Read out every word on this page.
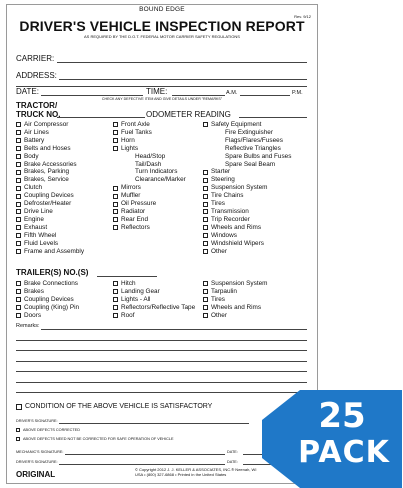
BOUND EDGE
Rev. 9/12
DRIVER'S VEHICLE INSPECTION REPORT
AS REQUIRED BY THE D.O.T. FEDERAL MOTOR CARRIER SAFETY REGULATIONS
CARRIER:
ADDRESS:
DATE:	TIME:	A.M.	P.M.
CHECK ANY DEFECTIVE ITEM AND GIVE DETAILS UNDER "REMARKS"
TRACTOR/
TRUCK NO.	ODOMETER READING
Air Compressor
Air Lines
Battery
Belts and Hoses
Body
Brake Accessories
Brakes, Parking
Brakes, Service
Clutch
Coupling Devices
Defroster/Heater
Drive Line
Engine
Exhaust
Fifth Wheel
Fluid Levels
Frame and Assembly
Front Axle
Fuel Tanks
Horn
Lights
Head/Stop
Tail/Dash
Turn Indicators
Clearance/Marker
Mirrors
Muffler
Oil Pressure
Radiator
Rear End
Reflectors
Safety Equipment
Fire Extinguisher
Flags/Flares/Fusees
Reflective Triangles
Spare Bulbs and Fuses
Spare Seal Beam
Starter
Steering
Suspension System
Tire Chains
Tires
Transmission
Trip Recorder
Wheels and Rims
Windows
Windshield Wipers
Other
TRAILER(S) NO.(S)
Brake Connections
Brakes
Coupling Devices
Coupling (King) Pin
Doors
Hitch
Landing Gear
Lights - All
Reflectors/Reflective Tape
Roof
Suspension System
Tarpaulin
Tires
Wheels and Rims
Other
Remarks:
CONDITION OF THE ABOVE VEHICLE IS SATISFACTORY
DRIVER'S SIGNATURE:
ABOVE DEFECTS CORRECTED
ABOVE DEFECTS NEED NOT BE CORRECTED FOR SAFE OPERATION OF VEHICLE
MECHANIC'S SIGNATURE:	DATE:
DRIVER'S SIGNATURE:	DATE:
ORIGINAL
© Copyright 2012 J. J. KELLER & ASSOCIATES, INC.® Neenah, WI
USA • (800) 327-6868 • Printed in the United States
25
PACK
